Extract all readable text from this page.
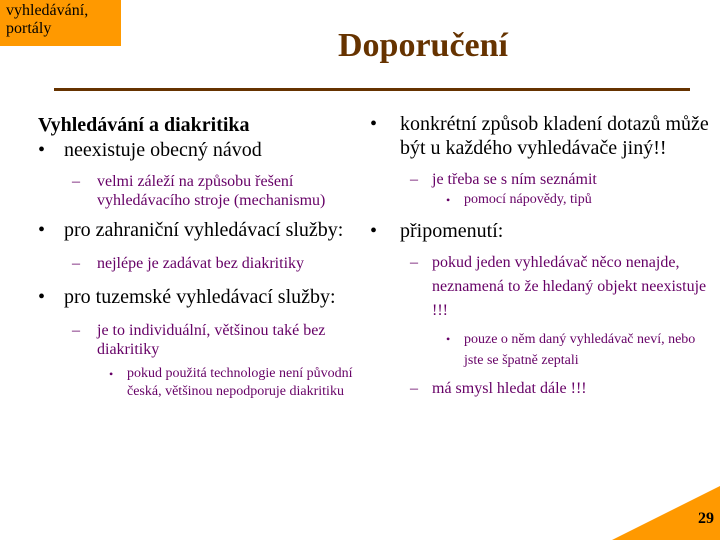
vyhledávání,
portály	Doporučení
Vyhledávání a diakritika
• neexistuje obecný návod
– velmi záleží na způsobu řešení vyhledávacího stroje (mechanismu)
• pro zahraniční vyhledávací služby:
– nejlépe je zadávat bez diakritiky
• pro tuzemské vyhledávací služby:
– je to individuální, většinou také bez diakritiky
• pokud použitá technologie není původní česká, většinou nepodporuje diakritiku
•	konkrétní způsob kladení dotazů může být u každého vyhledávače jiný!!
– je třeba se s ním seznámit
• pomocí nápovědy, tipů
•	připomenutí:
– pokud jeden vyhledávač něco nenajde, neznamená to že hledaný objekt neexistuje !!!
• pouze o něm daný vyhledávač neví, nebo jste se špatně zeptali
– má smysl hledat dále !!!
29
